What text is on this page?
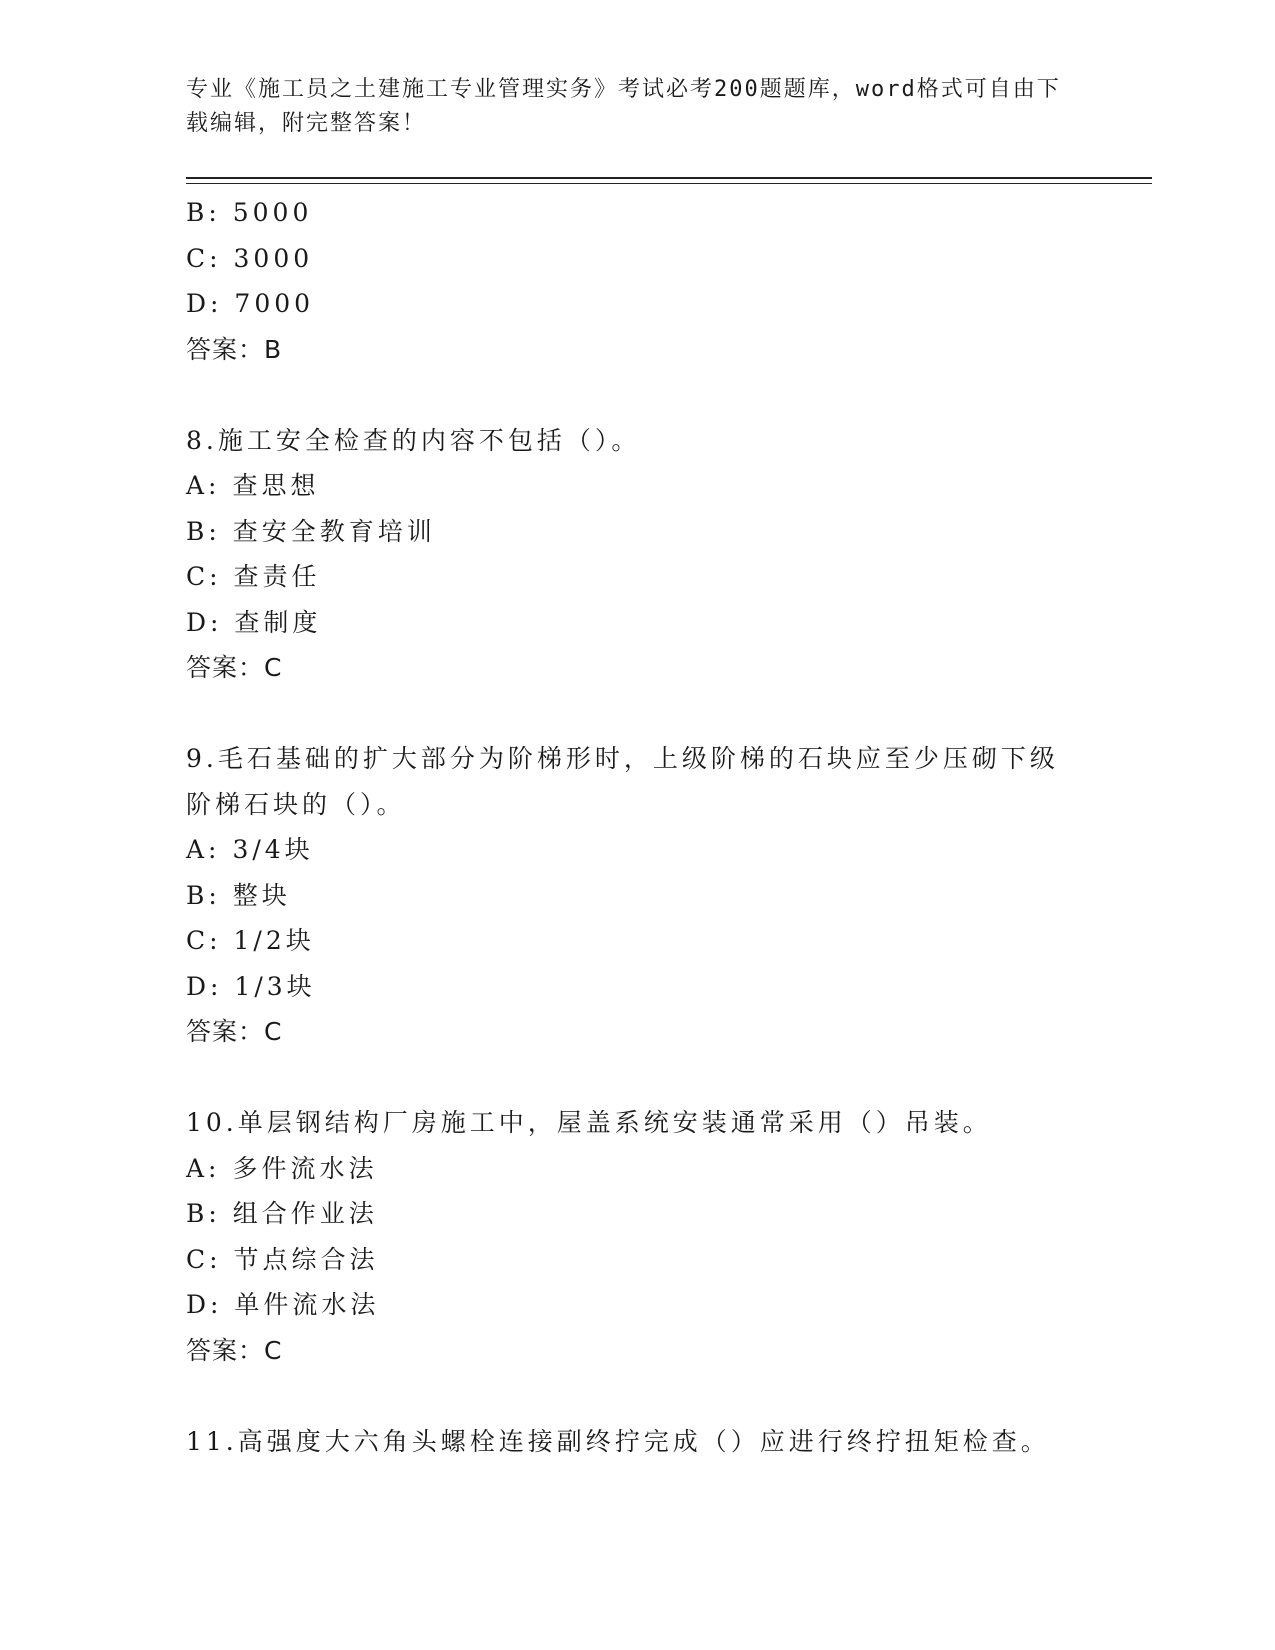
专业《施工员之土建施工专业管理实务》考试必考200题题库，word格式可自由下载编辑，附完整答案！
B: 5000
C: 3000
D: 7000
答案：B
8.施工安全检查的内容不包括（）。
A: 查思想
B: 查安全教育培训
C: 查责任
D: 查制度
答案：C
9.毛石基础的扩大部分为阶梯形时，上级阶梯的石块应至少压砌下级阶梯石块的（）。
A: 3/4块
B: 整块
C: 1/2块
D: 1/3块
答案：C
10.单层钢结构厂房施工中，屋盖系统安装通常采用（）吊装。
A: 多件流水法
B: 组合作业法
C: 节点综合法
D: 单件流水法
答案：C
11.高强度大六角头螺栓连接副终拧完成（）应进行终拧扭矩检查。
